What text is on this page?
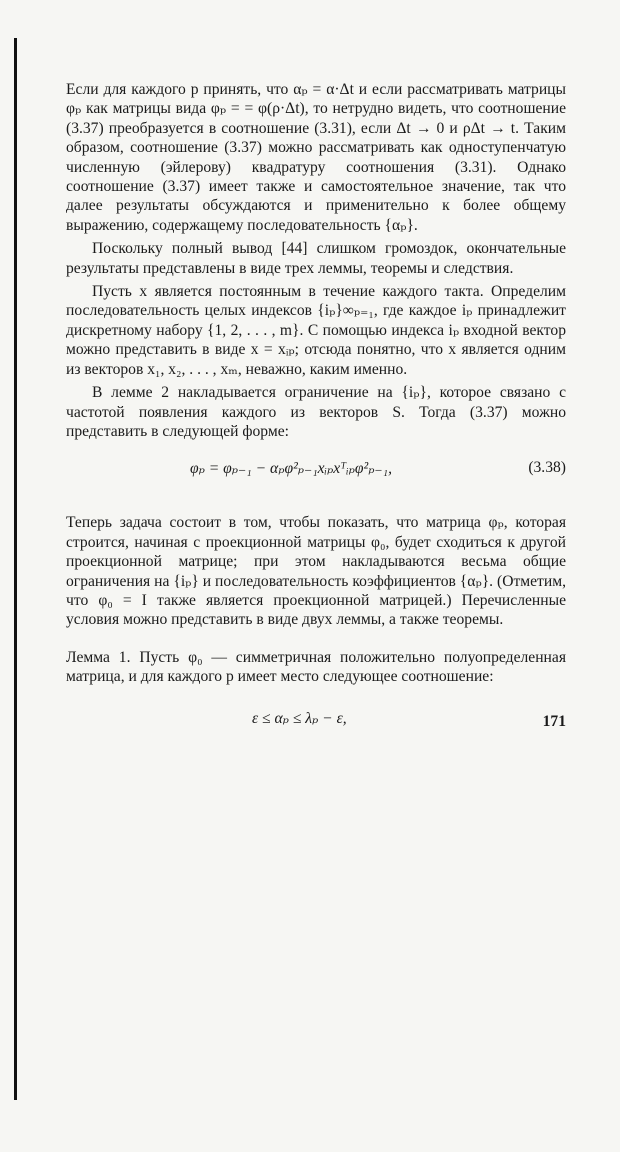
Если для каждого p принять, что αₚ = α·Δt и если рассматривать матрицы φₚ как матрицы вида φₚ = = φ(ρ·Δt), то нетрудно видеть, что соотношение (3.37) преобразуется в соотношение (3.31), если Δt → 0 и ρΔt → t. Таким образом, соотношение (3.37) можно рассматривать как одноступенчатую численную (эйлерову) квадратуру соотношения (3.31). Однако соотношение (3.37) имеет также и самостоятельное значение, так что далее результаты обсуждаются и применительно к более общему выражению, содержащему последовательность {αₚ}.

Поскольку полный вывод [44] слишком громоздок, окончательные результаты представлены в виде трех леммы, теоремы и следствия.

Пусть x является постоянным в течение каждого такта. Определим последовательность целых индексов {iₚ}∞ₚ₌₁, где каждое iₚ принадлежит дискретному набору {1, 2, . . . , m}. С помощью индекса iₚ входной вектор можно представить в виде x = xᵢₚ; отсюда понятно, что x является одним из векторов x₁, x₂, . . . , xₘ, неважно, каким именно.

В лемме 2 накладывается ограничение на {iₚ}, которое связано с частотой появления каждого из векторов S. Тогда (3.37) можно представить в следующей форме:

φₚ = φₚ₋₁ − αₚφ²ₚ₋₁xᵢₚxᵀᵢₚφ²ₚ₋₁,	(3.38)

Теперь задача состоит в том, чтобы показать, что матрица φₚ, которая строится, начиная с проекционной матрицы φ₀, будет сходиться к другой проекционной матрице; при этом накладываются весьма общие ограничения на {iₚ} и последовательность коэффициентов {αₚ}. (Отметим, что φ₀ = I также является проекционной матрицей.) Перечисленные условия можно представить в виде двух леммы, а также теоремы.

Лемма 1. Пусть φ₀ — симметричная положительно полуопределенная матрица, и для каждого p имеет место следующее соотношение:

ε ≤ αₚ ≤ λₚ − ε,	171
